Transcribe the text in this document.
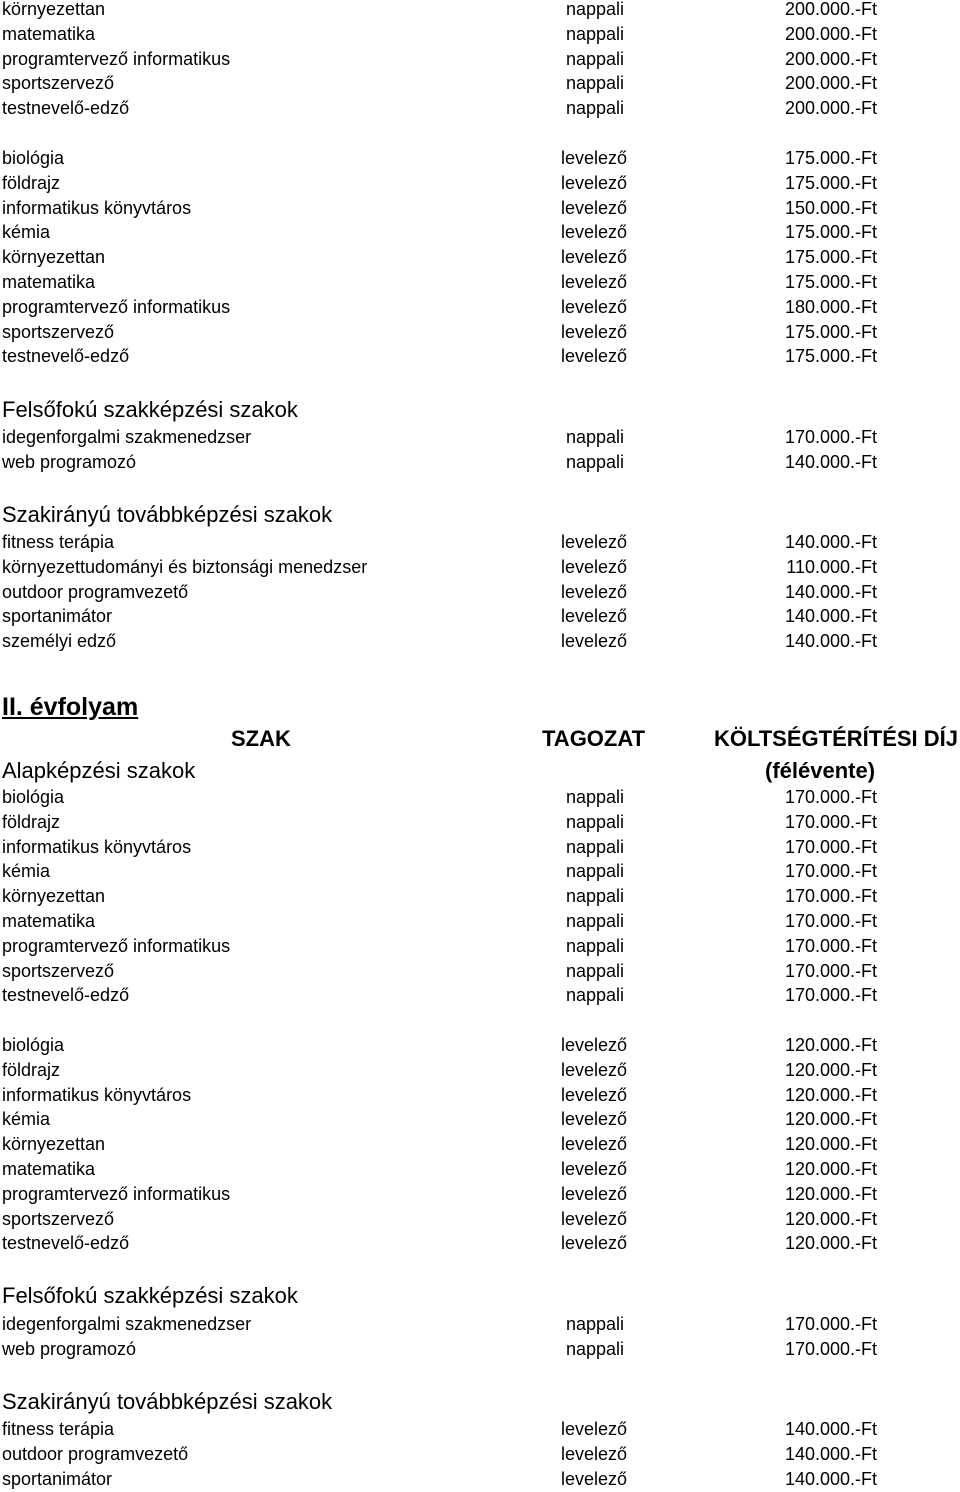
környezettan	nappali	200.000.-Ft
matematika	nappali	200.000.-Ft
programtervező informatikus	nappali	200.000.-Ft
sportszervező	nappali	200.000.-Ft
testnevelő-edző	nappali	200.000.-Ft
biológia	levelező	175.000.-Ft
földrajz	levelező	175.000.-Ft
informatikus könyvtáros	levelező	150.000.-Ft
kémia	levelező	175.000.-Ft
környezettan	levelező	175.000.-Ft
matematika	levelező	175.000.-Ft
programtervező informatikus	levelező	180.000.-Ft
sportszervező	levelező	175.000.-Ft
testnevelő-edző	levelező	175.000.-Ft
Felsőfokú szakképzési szakok
idegenforgalmi szakmenedzser	nappali	170.000.-Ft
web programozó	nappali	140.000.-Ft
Szakirányú továbbképzési szakok
fitness terápia	levelező	140.000.-Ft
környezettudományi és biztonsági menedzser	levelező	110.000.-Ft
outdoor programvezető	levelező	140.000.-Ft
sportanimátor	levelező	140.000.-Ft
személyi edző	levelező	140.000.-Ft
II. évfolyam
SZAK	TAGOZAT	KÖLTSÉGTÉRÍTÉSI DÍJ
Alapképzési szakok	(félévente)
biológia	nappali	170.000.-Ft
földrajz	nappali	170.000.-Ft
informatikus könyvtáros	nappali	170.000.-Ft
kémia	nappali	170.000.-Ft
környezettan	nappali	170.000.-Ft
matematika	nappali	170.000.-Ft
programtervező informatikus	nappali	170.000.-Ft
sportszervező	nappali	170.000.-Ft
testnevelő-edző	nappali	170.000.-Ft
biológia	levelező	120.000.-Ft
földrajz	levelező	120.000.-Ft
informatikus könyvtáros	levelező	120.000.-Ft
kémia	levelező	120.000.-Ft
környezettan	levelező	120.000.-Ft
matematika	levelező	120.000.-Ft
programtervező informatikus	levelező	120.000.-Ft
sportszervező	levelező	120.000.-Ft
testnevelő-edző	levelező	120.000.-Ft
Felsőfokú szakképzési szakok
idegenforgalmi szakmenedzser	nappali	170.000.-Ft
web programozó	nappali	170.000.-Ft
Szakirányú továbbképzési szakok
fitness terápia	levelező	140.000.-Ft
outdoor programvezető	levelező	140.000.-Ft
sportanimátor	levelező	140.000.-Ft
